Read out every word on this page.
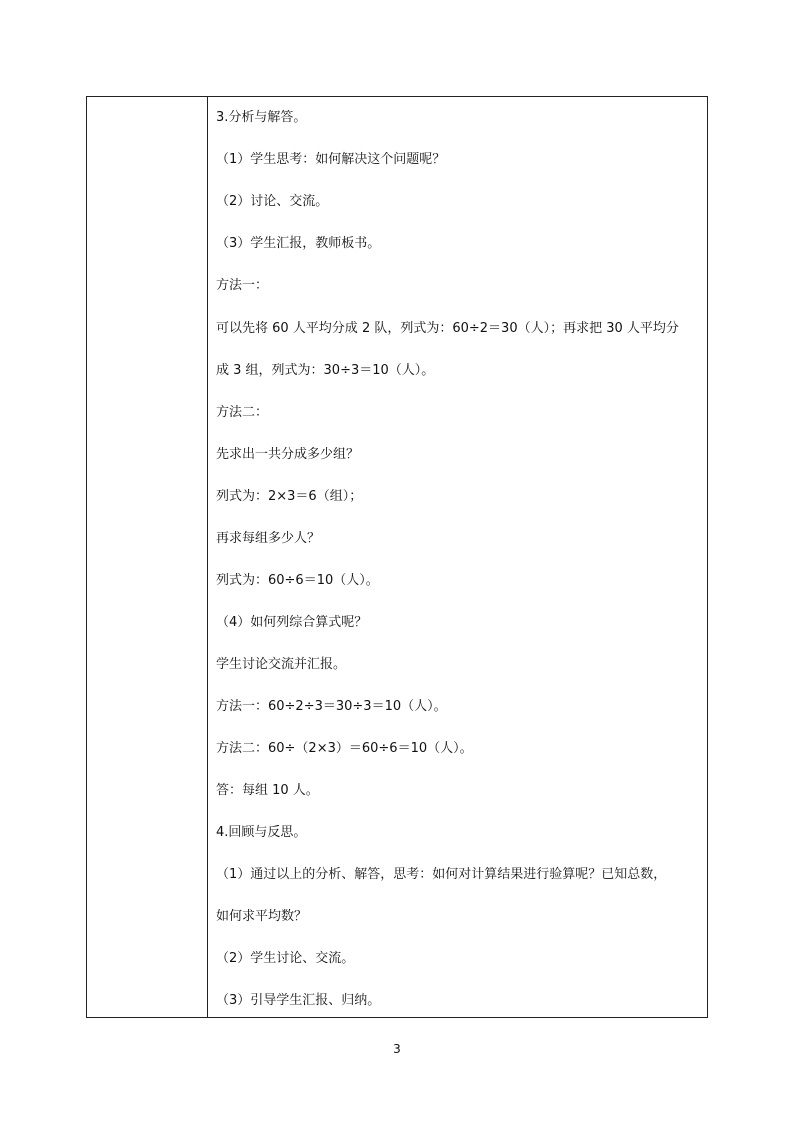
3.分析与解答。
（1）学生思考：如何解决这个问题呢？
（2）讨论、交流。
（3）学生汇报，教师板书。
方法一：
可以先将 60 人平均分成 2 队，列式为：60÷2＝30（人）；再求把 30 人平均分
成 3 组，列式为：30÷3＝10（人）。
方法二：
先求出一共分成多少组？
列式为：2×3＝6（组）；
再求每组多少人？
列式为：60÷6＝10（人）。
（4）如何列综合算式呢？
学生讨论交流并汇报。
方法一：60÷2÷3＝30÷3＝10（人）。
方法二：60÷（2×3）＝60÷6＝10（人）。
答：每组 10 人。
4.回顾与反思。
（1）通过以上的分析、解答，思考：如何对计算结果进行验算呢？已知总数，
如何求平均数？
（2）学生讨论、交流。
（3）引导学生汇报、归纳。
3
